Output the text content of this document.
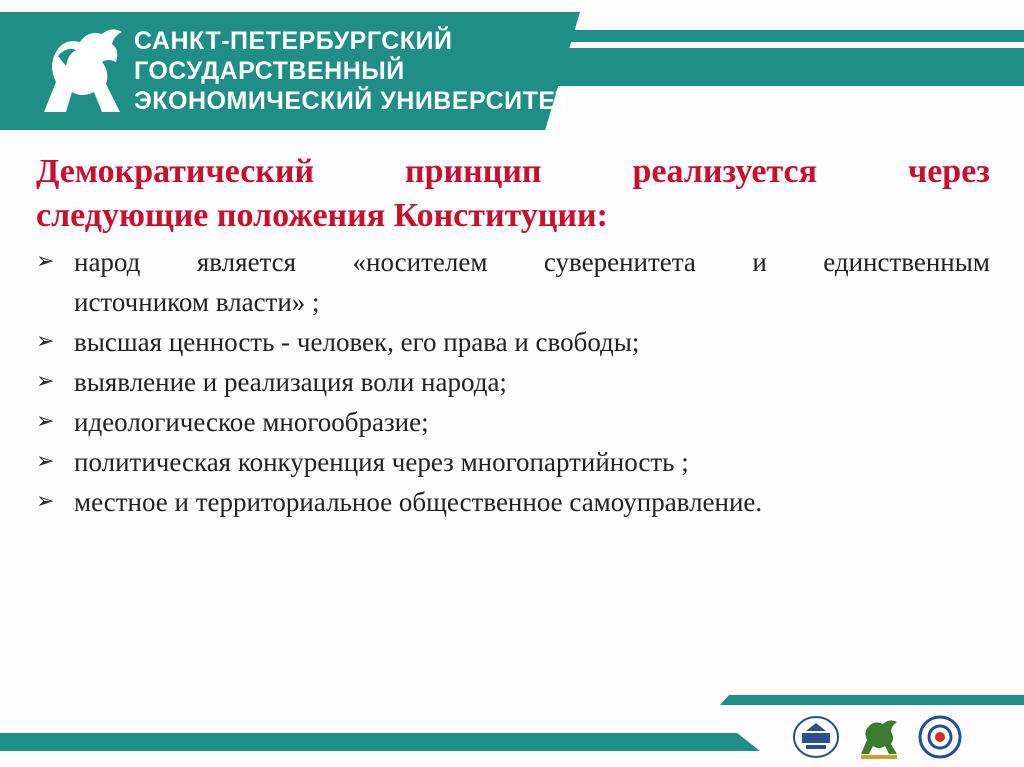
САНКТ-ПЕТЕРБУРГСКИЙ
ГОСУДАРСТВЕННЫЙ
ЭКОНОМИЧЕСКИЙ УНИВЕРСИТЕТ
Демократический	принцип	реализуется	через
следующие положения Конституции:
➢ народ является «носителем суверенитета и единственным
источником власти» ;
➢ высшая ценность - человек, его права и свободы;
➢ выявление и реализация воли народа;
➢ идеологическое многообразие;
➢ политическая конкуренция через многопартийность ;
➢ местное и территориальное общественное самоуправление.
